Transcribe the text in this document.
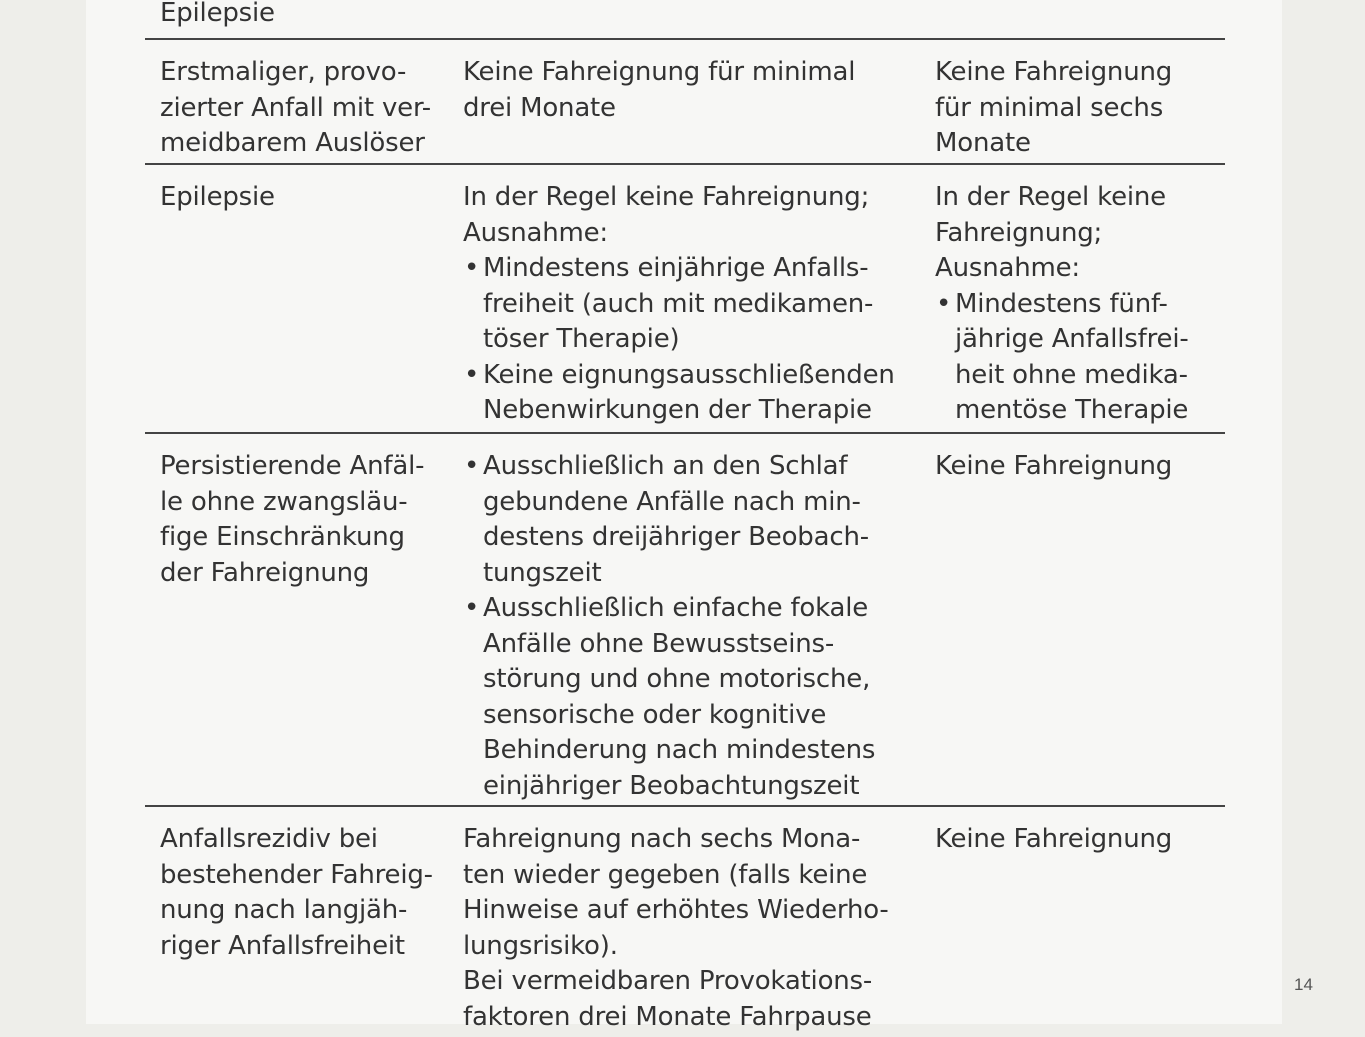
Epilepsie
Erstmaliger, provo-
zierter Anfall mit ver-
meidbarem Auslöser
Keine Fahreignung für minimal
drei Monate
Keine Fahreignung
für minimal sechs
Monate
Epilepsie	In der Regel keine Fahreignung;
Ausnahme:
• Mindestens einjährige Anfalls-
freiheit (auch mit medikamen-
töser Therapie)
• Keine eignungsausschließenden
Nebenwirkungen der Therapie
In der Regel keine
Fahreignung;
Ausnahme:
• Mindestens fünf-
jährige Anfallsfrei-
heit ohne medika-
mentöse Therapie
Persistierende Anfäl-
le ohne zwangsläu-
fige Einschränkung
der Fahreignung
• Ausschließlich an den Schlaf
gebundene Anfälle nach min-
destens dreijähriger Beobach-
tungszeit
• Ausschließlich einfache fokale
Anfälle ohne Bewusstseins-
störung und ohne motorische,
sensorische oder kognitive
Behinderung nach mindestens
einjähriger Beobachtungszeit
Keine Fahreignung
Anfallsrezidiv bei
bestehender Fahreig-
nung nach langjäh-
riger Anfallsfreiheit
Fahreignung nach sechs Mona-
ten wieder gegeben (falls keine
Hinweise auf erhöhtes Wiederho-
lungsrisiko).
Bei vermeidbaren Provokations-
faktoren drei Monate Fahrpause
Keine Fahreignung
14
